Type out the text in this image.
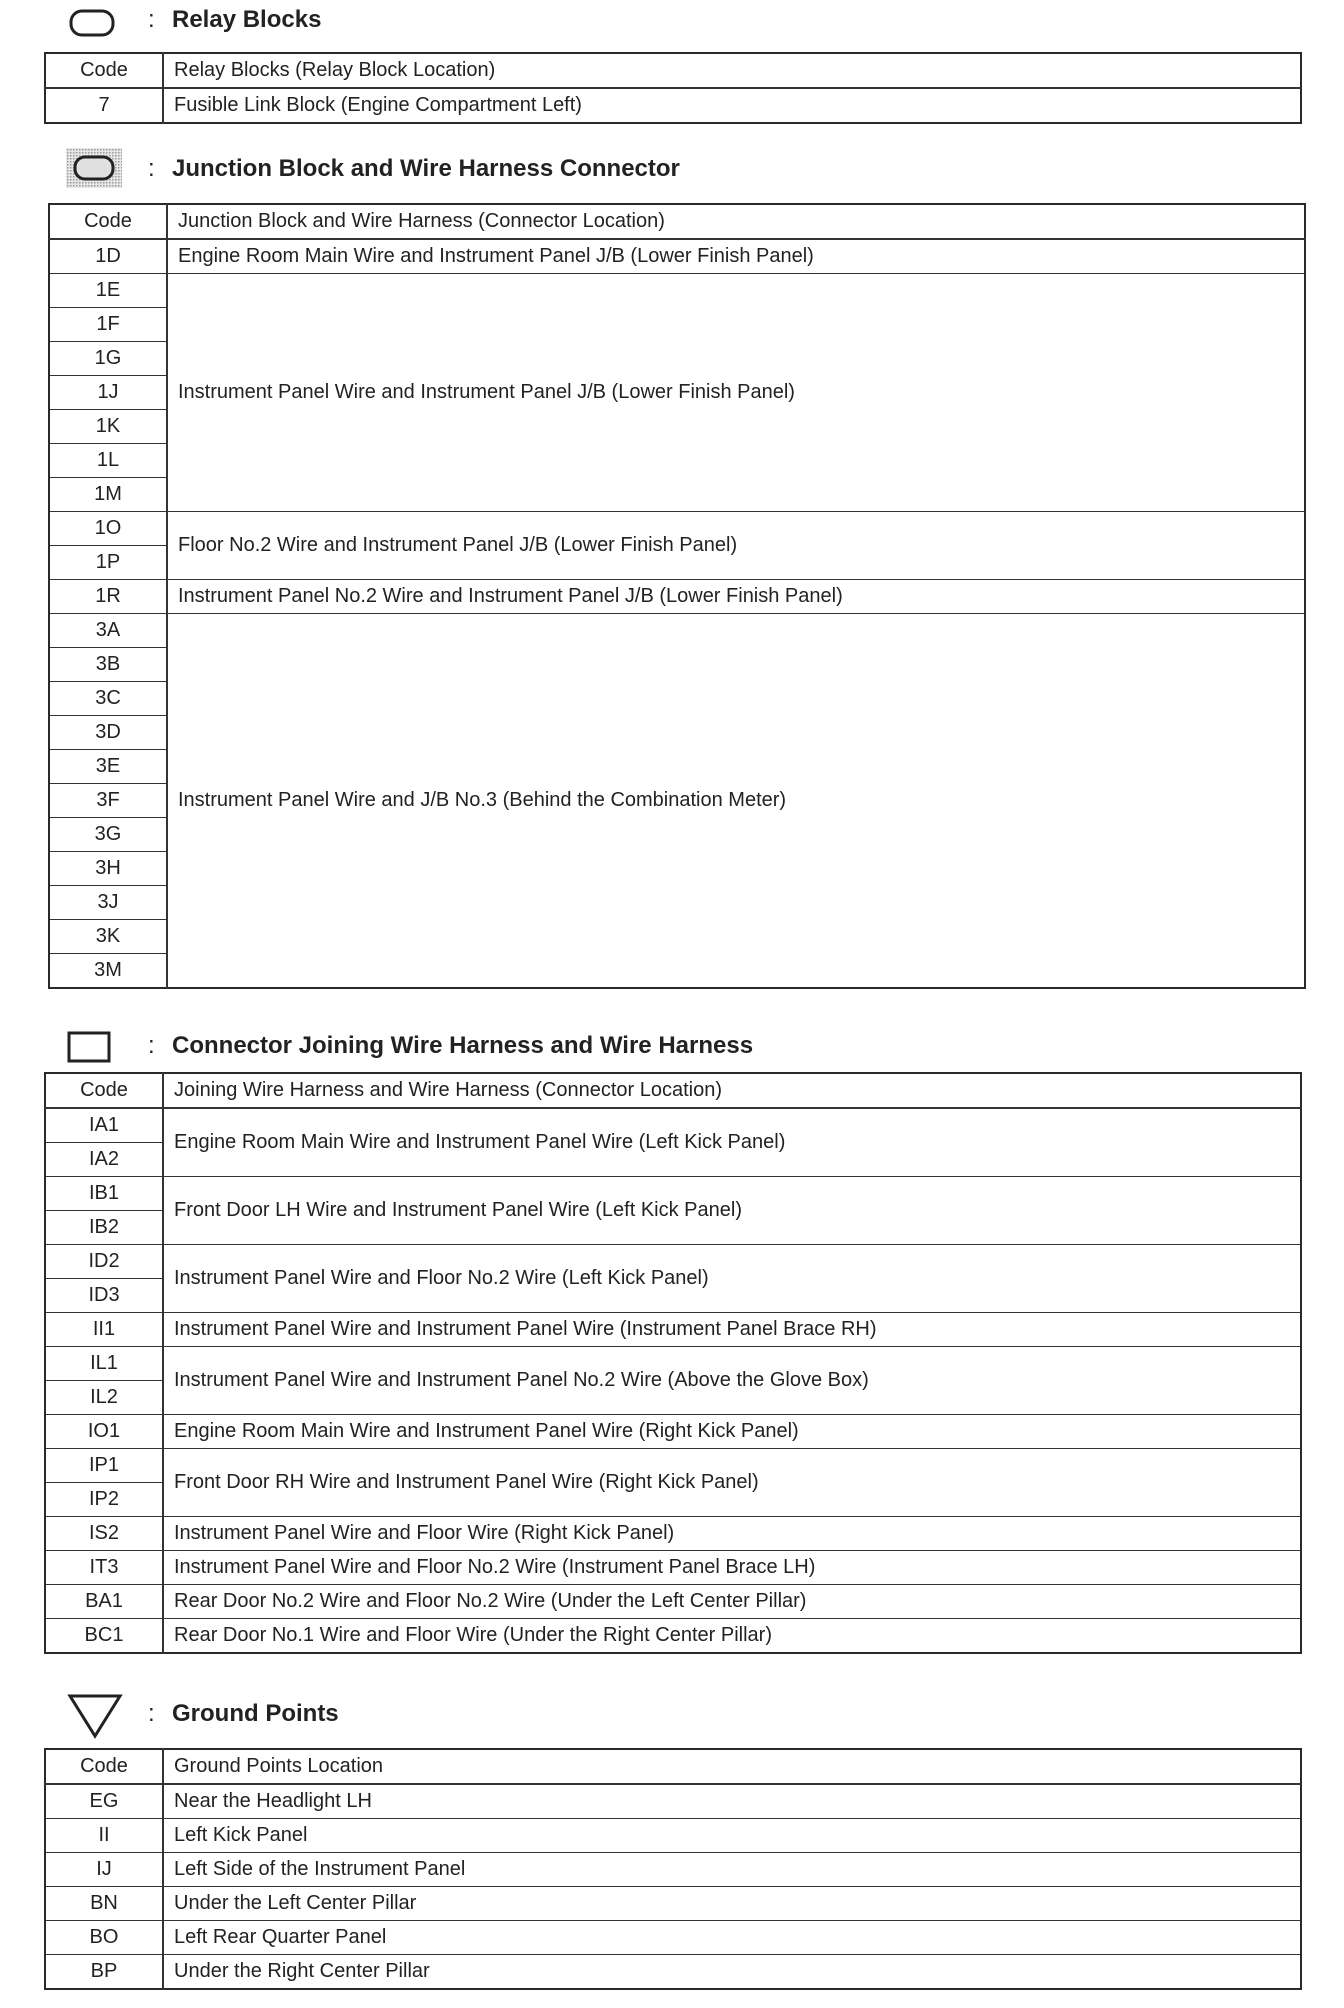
: Relay Blocks
Code	Relay Blocks (Relay Block Location)
7	Fusible Link Block (Engine Compartment Left)
: Junction Block and Wire Harness Connector
Code	Junction Block and Wire Harness (Connector Location)
1D	Engine Room Main Wire and Instrument Panel J/B (Lower Finish Panel)
1E	Instrument Panel Wire and Instrument Panel J/B (Lower Finish Panel)
1F	
1G	
1J	
1K	
1L	
1M	
1O	Floor No.2 Wire and Instrument Panel J/B (Lower Finish Panel)
1P	
1R	Instrument Panel No.2 Wire and Instrument Panel J/B (Lower Finish Panel)
3A	Instrument Panel Wire and J/B No.3 (Behind the Combination Meter)
3B	
3C	
3D	
3E	
3F	
3G	
3H	
3J	
3K	
3M	
: Connector Joining Wire Harness and Wire Harness
Code	Joining Wire Harness and Wire Harness (Connector Location)
IA1	Engine Room Main Wire and Instrument Panel Wire (Left Kick Panel)
IA2	
IB1	Front Door LH Wire and Instrument Panel Wire (Left Kick Panel)
IB2	
ID2	Instrument Panel Wire and Floor No.2 Wire (Left Kick Panel)
ID3	
II1	Instrument Panel Wire and Instrument Panel Wire (Instrument Panel Brace RH)
IL1	Instrument Panel Wire and Instrument Panel No.2 Wire (Above the Glove Box)
IL2	
IO1	Engine Room Main Wire and Instrument Panel Wire (Right Kick Panel)
IP1	Front Door RH Wire and Instrument Panel Wire (Right Kick Panel)
IP2	
IS2	Instrument Panel Wire and Floor Wire (Right Kick Panel)
IT3	Instrument Panel Wire and Floor No.2 Wire (Instrument Panel Brace LH)
BA1	Rear Door No.2 Wire and Floor No.2 Wire (Under the Left Center Pillar)
BC1	Rear Door No.1 Wire and Floor Wire (Under the Right Center Pillar)
: Ground Points
Code	Ground Points Location
EG	Near the Headlight LH
II	Left Kick Panel
IJ	Left Side of the Instrument Panel
BN	Under the Left Center Pillar
BO	Left Rear Quarter Panel
BP	Under the Right Center Pillar
